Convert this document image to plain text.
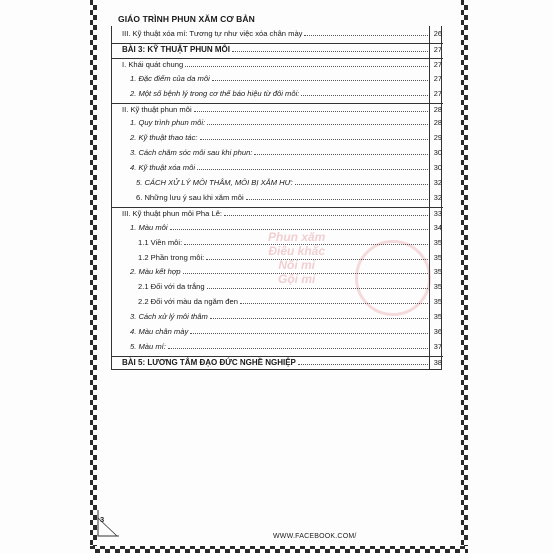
GIÁO TRÌNH PHUN XĂM CƠ BẢN
Phun xăm
Điêu khắc
Nối mi
Gội mi
III. Kỹ thuật xóa mí: Tương tự như việc xóa chân mày	26
BÀI 3: KỸ THUẬT PHUN MÔI	27
I. Khái quát chung	27
1. Đặc điểm của da môi	27
2. Một số bệnh lý trong cơ thể báo hiệu từ đôi môi:	27
II. Kỹ thuật phun môi	28
1. Quy trình phun môi:	28
2. Kỹ thuật thao tác:	29
3. Cách chăm sóc môi sau khi phun:	30
4. Kỹ thuật xóa môi	30
5. CÁCH XỬ LÝ MÔI THÂM, MÔI BỊ XĂM HƯ:	32
6. Những lưu ý sau khi xăm môi	32
III. Kỹ thuật phun môi Pha Lê:	33
1. Màu môi	34
1.1 Viền môi:	35
1.2 Phần trong môi:	35
2. Màu kết hợp	35
2.1 Đối với da trắng	35
2.2 Đối với màu da ngăm đen	35
3. Cách xử lý môi thâm	35
4. Màu chân mày	36
5. Màu mí:	37
BÀI 5: LƯƠNG TÂM ĐẠO ĐỨC NGHỀ NGHIỆP	38
3
WWW.FACEBOOK.COM/
